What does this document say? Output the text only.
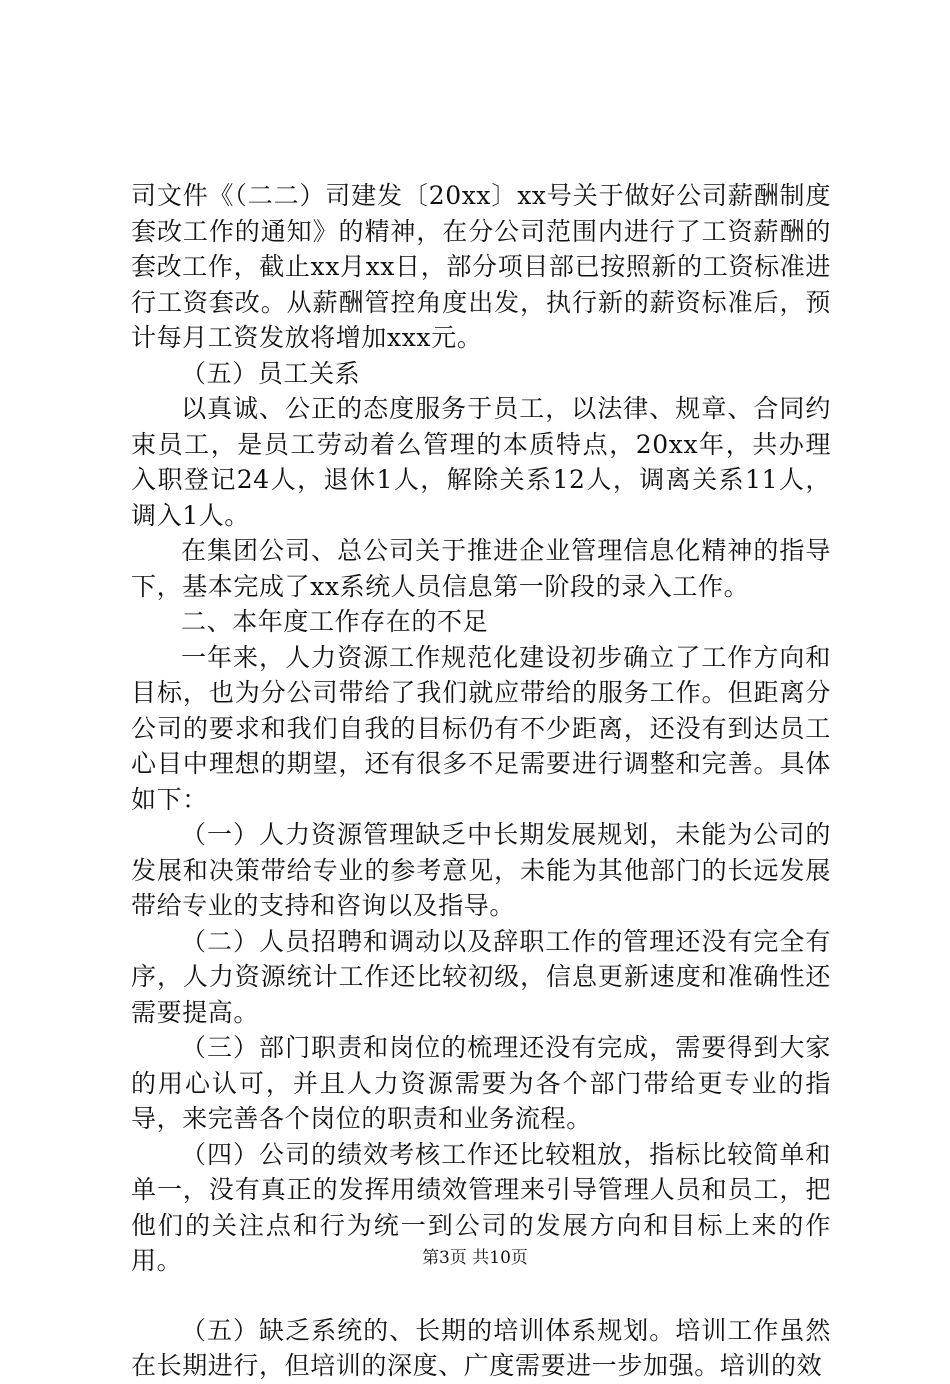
司文件《（二二）司建发〔20xx〕xx号关于做好公司薪酬制度套改工作的通知》的精神，在分公司范围内进行了工资薪酬的套改工作，截止xx月xx日，部分项目部已按照新的工资标准进行工资套改。从薪酬管控角度出发，执行新的薪资标准后，预计每月工资发放将增加xxx元。

（五）员工关系

以真诚、公正的态度服务于员工，以法律、规章、合同约束员工，是员工劳动着么管理的本质特点，20xx年，共办理入职登记24人，退休1人，解除关系12人，调离关系11人，调入1人。

在集团公司、总公司关于推进企业管理信息化精神的指导下，基本完成了xx系统人员信息第一阶段的录入工作。

二、本年度工作存在的不足

一年来，人力资源工作规范化建设初步确立了工作方向和目标，也为分公司带给了我们就应带给的服务工作。但距离分公司的要求和我们自我的目标仍有不少距离，还没有到达员工心目中理想的期望，还有很多不足需要进行调整和完善。具体如下：

（一）人力资源管理缺乏中长期发展规划，未能为公司的发展和决策带给专业的参考意见，未能为其他部门的长远发展带给专业的支持和咨询以及指导。

（二）人员招聘和调动以及辞职工作的管理还没有完全有序，人力资源统计工作还比较初级，信息更新速度和准确性还需要提高。

（三）部门职责和岗位的梳理还没有完成，需要得到大家的用心认可，并且人力资源需要为各个部门带给更专业的指导，来完善各个岗位的职责和业务流程。

（四）公司的绩效考核工作还比较粗放，指标比较简单和单一，没有真正的发挥用绩效管理来引导管理人员和员工，把他们的关注点和行为统一到公司的发展方向和目标上来的作用。

（五）缺乏系统的、长期的培训体系规划。培训工作虽然在长期进行，但培训的深度、广度需要进一步加强。培训的效

第3页 共10页
